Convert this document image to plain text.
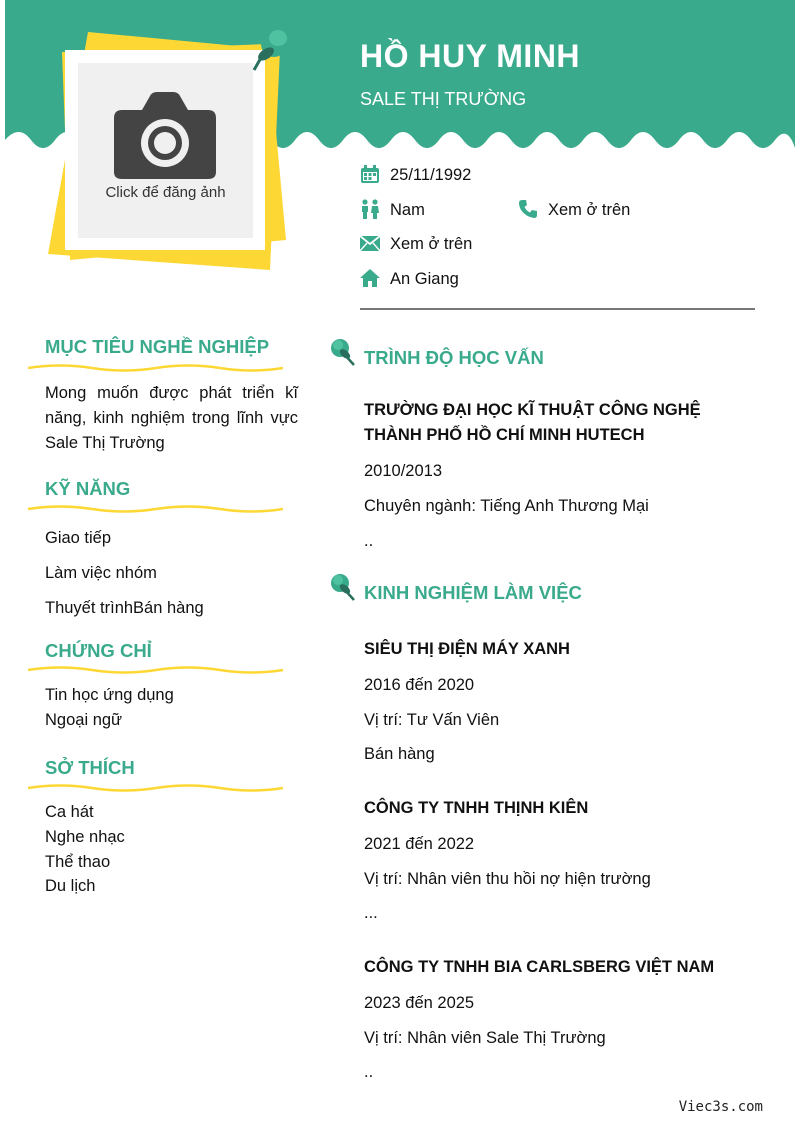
HỒ HUY MINH
SALE THỊ TRƯỜNG
Click để đăng ảnh
25/11/1992
Nam	Xem ở trên
Xem ở trên
An Giang
MỤC TIÊU NGHỀ NGHIỆP
Mong muốn được phát triển kĩ năng, kinh nghiệm trong lĩnh vực Sale Thị Trường
KỸ NĂNG
Giao tiếp
Làm việc nhóm
Thuyết trìnhBán hàng
CHỨNG CHỈ
Tin học ứng dụng
Ngoại ngữ
SỞ THÍCH
Ca hát
Nghe nhạc
Thể thao
Du lịch
TRÌNH ĐỘ HỌC VẤN
TRƯỜNG ĐẠI HỌC KĨ THUẬT CÔNG NGHỆ
THÀNH PHỐ HỒ CHÍ MINH HUTECH
2010/2013
Chuyên ngành: Tiếng Anh Thương Mại
..
KINH NGHIỆM LÀM VIỆC
SIÊU THỊ ĐIỆN MÁY XANH
2016 đến 2020
Vị trí: Tư Vấn Viên
Bán hàng
CÔNG TY TNHH THỊNH KIÊN
2021 đến 2022
Vị trí: Nhân viên thu hồi nợ hiện trường
...
CÔNG TY TNHH BIA CARLSBERG VIỆT NAM
2023 đến 2025
Vị trí: Nhân viên Sale Thị Trường
..
Viec3s.com
